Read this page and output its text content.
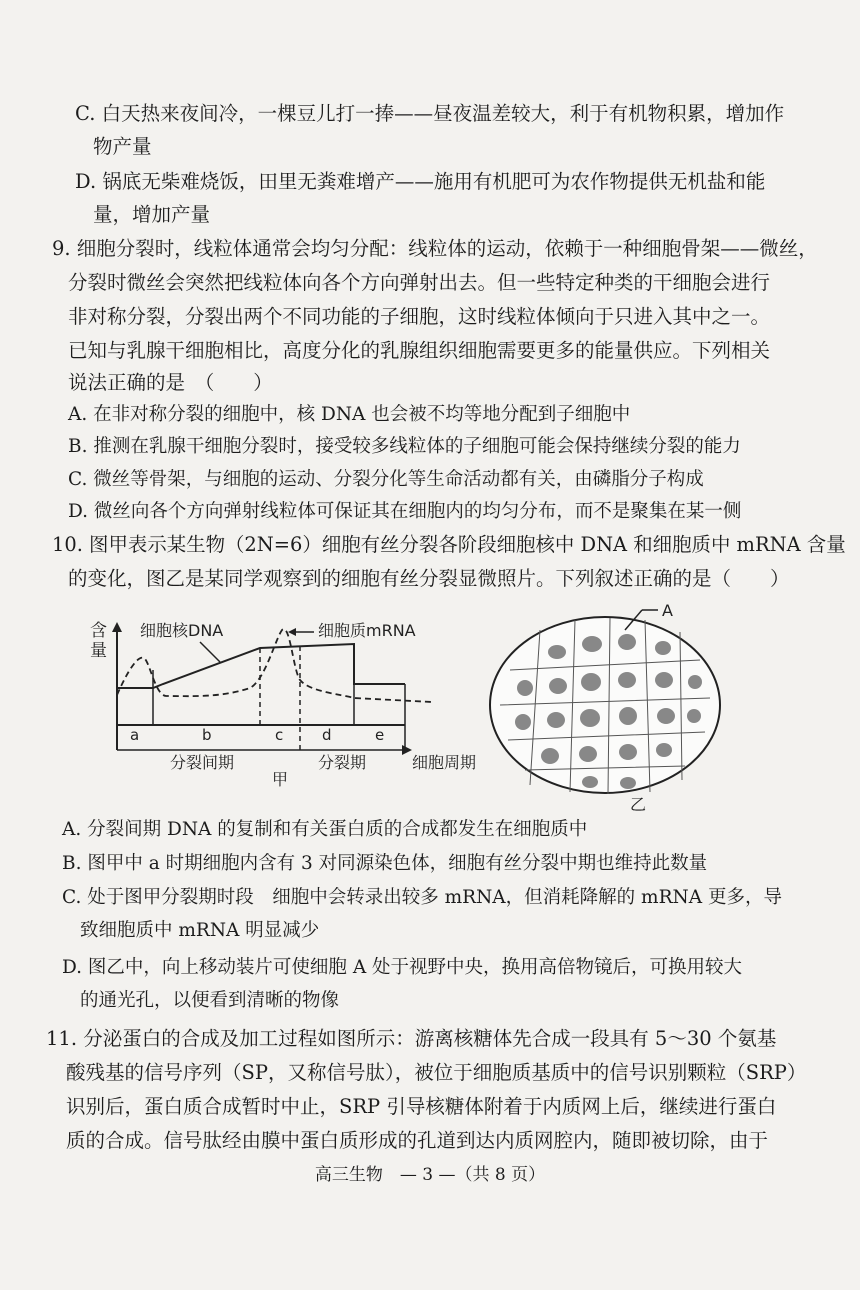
C. 白天热来夜间冷，一棵豆儿打一捧——昼夜温差较大，利于有机物积累，增加作
物产量
D. 锅底无柴难烧饭，田里无粪难增产——施用有机肥可为农作物提供无机盐和能
量，增加产量
9. 细胞分裂时，线粒体通常会均匀分配：线粒体的运动，依赖于一种细胞骨架——微丝，
分裂时微丝会突然把线粒体向各个方向弹射出去。但一些特定种类的干细胞会进行
非对称分裂，分裂出两个不同功能的子细胞，这时线粒体倾向于只进入其中之一。
已知与乳腺干细胞相比，高度分化的乳腺组织细胞需要更多的能量供应。下列相关
说法正确的是　（　　）
A. 在非对称分裂的细胞中，核 DNA 也会被不均等地分配到子细胞中
B. 推测在乳腺干细胞分裂时，接受较多线粒体的子细胞可能会保持继续分裂的能力
C. 微丝等骨架，与细胞的运动、分裂分化等生命活动都有关，由磷脂分子构成
D. 微丝向各个方向弹射线粒体可保证其在细胞内的均匀分布，而不是聚集在某一侧
10. 图甲表示某生物（2N=6）细胞有丝分裂各阶段细胞核中 DNA 和细胞质中 mRNA 含量
的变化，图乙是某同学观察到的细胞有丝分裂显微照片。下列叙述正确的是（　　）
含
量
细胞核DNA	细胞质mRNA
a	b	c	d	e
分裂间期	分裂期	细胞周期
甲
A
乙
A. 分裂间期 DNA 的复制和有关蛋白质的合成都发生在细胞质中
B. 图甲中 a 时期细胞内含有 3 对同源染色体，细胞有丝分裂中期也维持此数量
C. 处于图甲分裂期时段　细胞中会转录出较多 mRNA，但消耗降解的 mRNA 更多，导
致细胞质中 mRNA 明显减少
D. 图乙中，向上移动装片可使细胞 A 处于视野中央，换用高倍物镜后，可换用较大
的通光孔，以便看到清晰的物像
11. 分泌蛋白的合成及加工过程如图所示：游离核糖体先合成一段具有 5～30 个氨基
酸残基的信号序列（SP，又称信号肽），被位于细胞质基质中的信号识别颗粒（SRP）
识别后，蛋白质合成暂时中止，SRP 引导核糖体附着于内质网上后，继续进行蛋白
质的合成。信号肽经由膜中蛋白质形成的孔道到达内质网腔内，随即被切除，由于
高三生物　— 3 —（共 8 页）
